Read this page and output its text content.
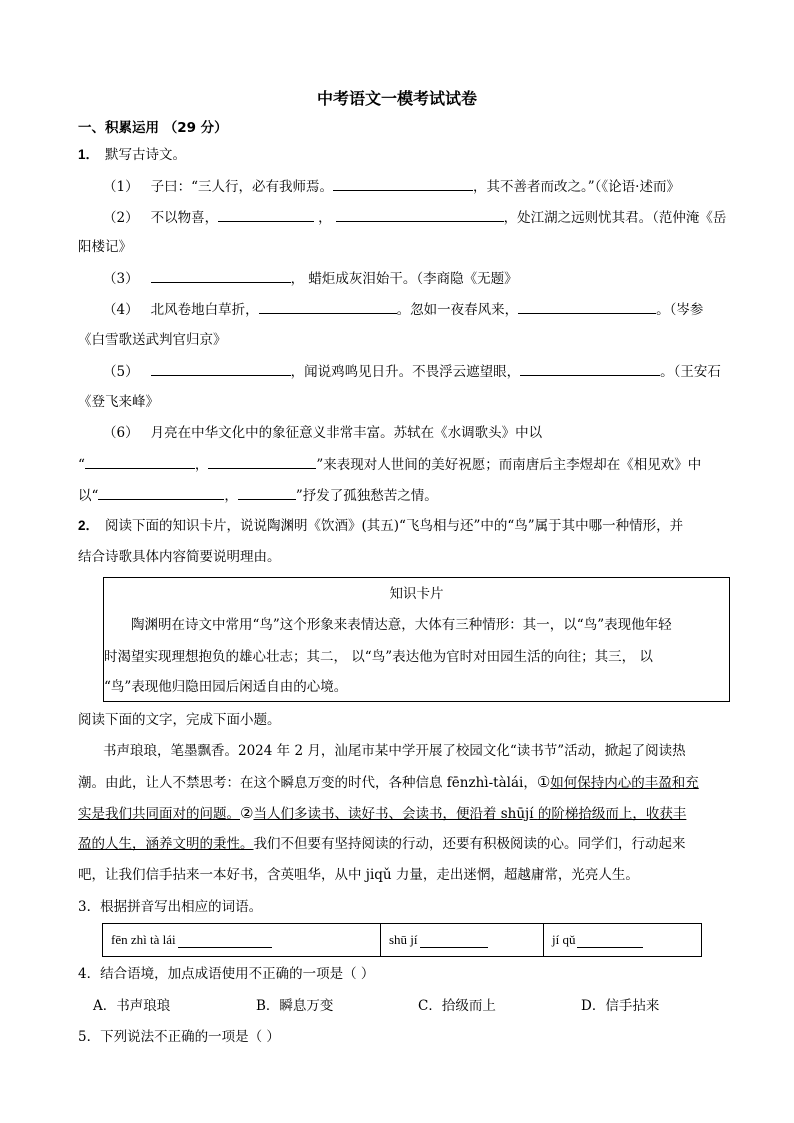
中考语文一模考试试卷
一、积累运用 （29 分）
1． 默写古诗文。
（1） 子曰：“三人行，必有我师焉。	，其不善者而改之。”（《论语·述而》
（2） 不以物喜，	，	，处江湖之远则忧其君。（范仲淹《岳
阳楼记》
（3）	， 蜡炬成灰泪始干。（李商隐《无题》
（4） 北风卷地白草折，	。忽如一夜春风来，	。（岑参
《白雪歌送武判官归京》
（5）	，闻说鸡鸣见日升。不畏浮云遮望眼，	。（王安石
《登飞来峰》
（6） 月亮在中华文化中的象征意义非常丰富。苏轼在《水调歌头》中以
“	，	”来表现对人世间的美好祝愿；而南唐后主李煜却在《相见欢》中
以“	，	”抒发了孤独愁苦之情。
2． 阅读下面的知识卡片，说说陶渊明《饮酒》(其五)“飞鸟相与还”中的“鸟”属于其中哪一种情形，并
结合诗歌具体内容简要说明理由。
知识卡片
陶渊明在诗文中常用“鸟”这个形象来表情达意，大体有三种情形：其一，以“鸟”表现他年轻
时渴望实现理想抱负的雄心壮志；其二， 以“鸟”表达他为官时对田园生活的向往；其三， 以
“鸟”表现他归隐田园后闲适自由的心境。
阅读下面的文字，完成下面小题。
书声琅琅，笔墨飘香。2024 年 2 月，汕尾市某中学开展了校园文化“读书节”活动，掀起了阅读热
潮。由此，让人不禁思考：在这个瞬息万变的时代，各种信息 fēnzhì-tàlái，①如何保持内心的丰盈和充
实是我们共同面对的问题。②当人们多读书、读好书、会读书，便沿着 shūjí 的阶梯拾级而上，收获丰
盈的人生，涵养文明的秉性。我们不但要有坚持阅读的行动，还要有积极阅读的心。同学们，行动起来
吧，让我们信手拈来一本好书，含英咀华，从中 jiqǔ 力量，走出迷惘，超越庸常，光亮人生。
3．根据拼音写出相应的词语。
fēn zhì tà lái	shū jí	jí qǔ
4．结合语境，加点成语使用不正确的一项是（ ）
A．书声琅琅	B．瞬息万变	C．拾级而上	D．信手拈来
5．下列说法不正确的一项是（ ）
